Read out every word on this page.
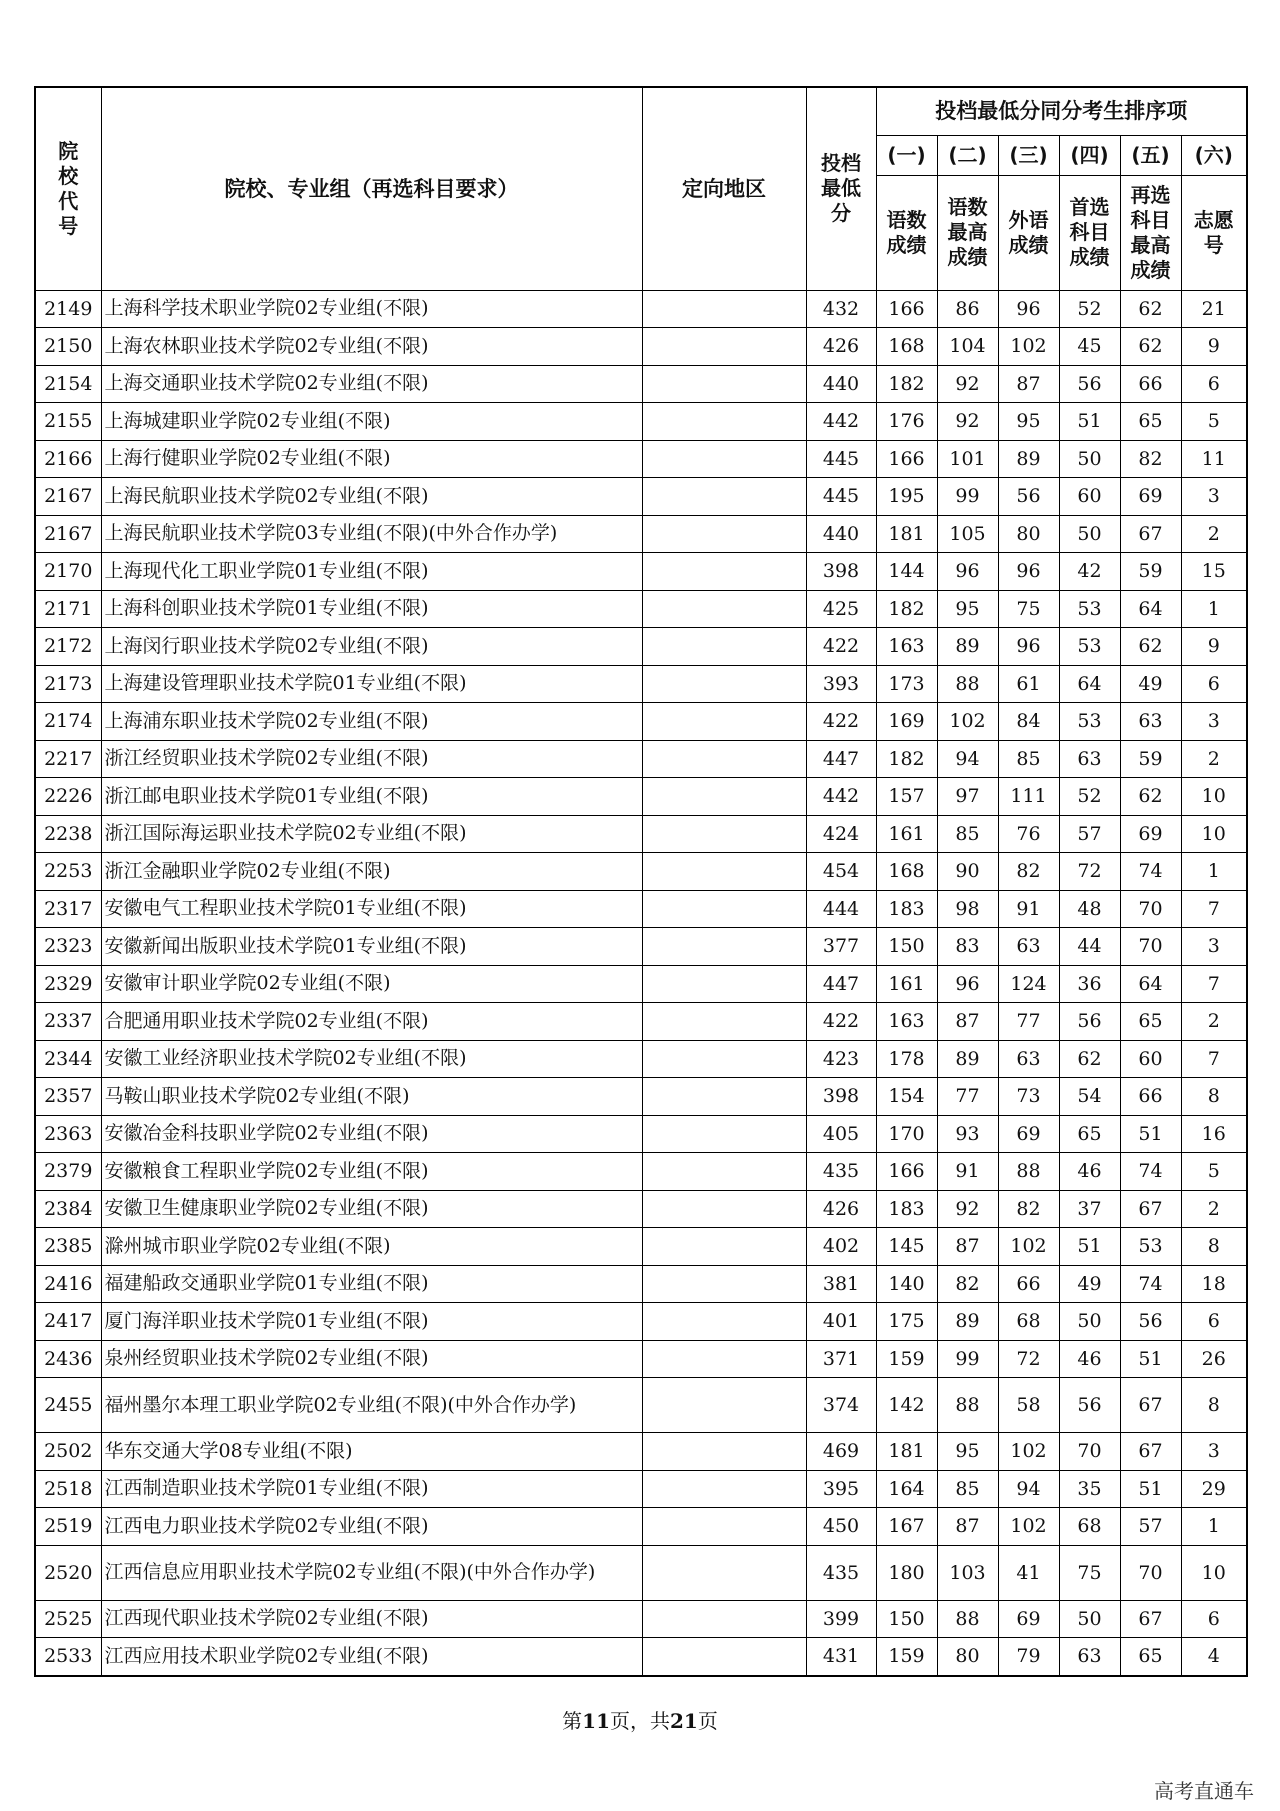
院校代号	院校、专业组（再选科目要求）	定向地区	投档最低分	投档最低分同分考生排序项					
				(一)	(二)	(三)	(四)	(五)	(六)
				语数成绩	语数最高成绩	外语成绩	首选科目成绩	再选科目最高成绩	志愿号
2149	上海科学技术职业学院02专业组(不限)		432	166	86	96	52	62	21
2150	上海农林职业技术学院02专业组(不限)		426	168	104	102	45	62	9
2154	上海交通职业技术学院02专业组(不限)		440	182	92	87	56	66	6
2155	上海城建职业学院02专业组(不限)		442	176	92	95	51	65	5
2166	上海行健职业学院02专业组(不限)		445	166	101	89	50	82	11
2167	上海民航职业技术学院02专业组(不限)		445	195	99	56	60	69	3
2167	上海民航职业技术学院03专业组(不限)(中外合作办学)		440	181	105	80	50	67	2
2170	上海现代化工职业学院01专业组(不限)		398	144	96	96	42	59	15
2171	上海科创职业技术学院01专业组(不限)		425	182	95	75	53	64	1
2172	上海闵行职业技术学院02专业组(不限)		422	163	89	96	53	62	9
2173	上海建设管理职业技术学院01专业组(不限)		393	173	88	61	64	49	6
2174	上海浦东职业技术学院02专业组(不限)		422	169	102	84	53	63	3
2217	浙江经贸职业技术学院02专业组(不限)		447	182	94	85	63	59	2
2226	浙江邮电职业技术学院01专业组(不限)		442	157	97	111	52	62	10
2238	浙江国际海运职业技术学院02专业组(不限)		424	161	85	76	57	69	10
2253	浙江金融职业学院02专业组(不限)		454	168	90	82	72	74	1
2317	安徽电气工程职业技术学院01专业组(不限)		444	183	98	91	48	70	7
2323	安徽新闻出版职业技术学院01专业组(不限)		377	150	83	63	44	70	3
2329	安徽审计职业学院02专业组(不限)		447	161	96	124	36	64	7
2337	合肥通用职业技术学院02专业组(不限)		422	163	87	77	56	65	2
2344	安徽工业经济职业技术学院02专业组(不限)		423	178	89	63	62	60	7
2357	马鞍山职业技术学院02专业组(不限)		398	154	77	73	54	66	8
2363	安徽冶金科技职业学院02专业组(不限)		405	170	93	69	65	51	16
2379	安徽粮食工程职业学院02专业组(不限)		435	166	91	88	46	74	5
2384	安徽卫生健康职业学院02专业组(不限)		426	183	92	82	37	67	2
2385	滁州城市职业学院02专业组(不限)		402	145	87	102	51	53	8
2416	福建船政交通职业学院01专业组(不限)		381	140	82	66	49	74	18
2417	厦门海洋职业技术学院01专业组(不限)		401	175	89	68	50	56	6
2436	泉州经贸职业技术学院02专业组(不限)		371	159	99	72	46	51	26
2455	福州墨尔本理工职业学院02专业组(不限)(中外合作办学)		374	142	88	58	56	67	8
2502	华东交通大学08专业组(不限)		469	181	95	102	70	67	3
2518	江西制造职业技术学院01专业组(不限)		395	164	85	94	35	51	29
2519	江西电力职业技术学院02专业组(不限)		450	167	87	102	68	57	1
2520	江西信息应用职业技术学院02专业组(不限)(中外合作办学)		435	180	103	41	75	70	10
2525	江西现代职业技术学院02专业组(不限)		399	150	88	69	50	67	6
2533	江西应用技术职业学院02专业组(不限)		431	159	80	79	63	65	4
第11页，共21页
高考直通车
